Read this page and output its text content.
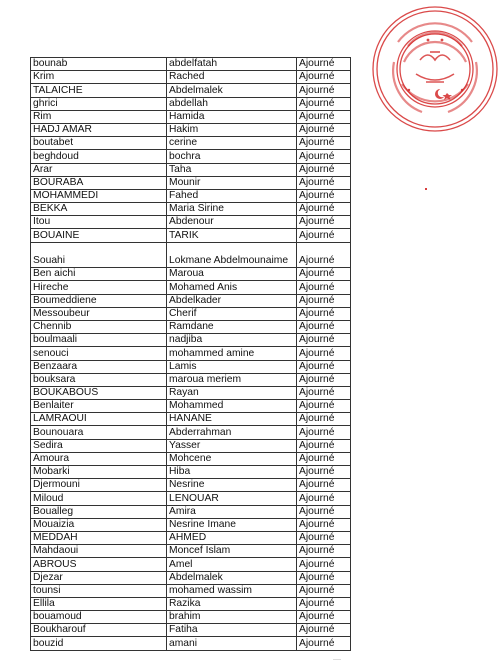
bounab	abdelfatah	Ajourné
Krim	Rached	Ajourné
TALAICHE	Abdelmalek	Ajourné
ghrici	abdellah	Ajourné
Rim	Hamida	Ajourné
HADJ AMAR	Hakim	Ajourné
boutabet	cerine	Ajourné
beghdoud	bochra	Ajourné
Arar	Taha	Ajourné
BOURABA	Mounir	Ajourné
MOHAMMEDI	Fahed	Ajourné
BEKKA	Maria Sirine	Ajourné
Itou	Abdenour	Ajourné
BOUAINE	TARIK	Ajourné
Souahi	Lokmane Abdelmounaime	Ajourné
Ben aichi	Maroua	Ajourné
Hireche	Mohamed Anis	Ajourné
Boumeddiene	Abdelkader	Ajourné
Messoubeur	Cherif	Ajourné
Chennib	Ramdane	Ajourné
boulmaali	nadjiba	Ajourné
senouci	mohammed amine	Ajourné
Benzaara	Lamis	Ajourné
bouksara	maroua meriem	Ajourné
BOUKABOUS	Rayan	Ajourné
Benlaiter	Mohammed	Ajourné
LAMRAOUI	HANANE	Ajourné
Bounouara	Abderrahman	Ajourné
Sedira	Yasser	Ajourné
Amoura	Mohcene	Ajourné
Mobarki	Hiba	Ajourné
Djermouni	Nesrine	Ajourné
Miloud	LENOUAR	Ajourné
Boualleg	Amira	Ajourné
Mouaizia	Nesrine Imane	Ajourné
MEDDAH	AHMED	Ajourné
Mahdaoui	Moncef Islam	Ajourné
ABROUS	Amel	Ajourné
Djezar	Abdelmalek	Ajourné
tounsi	mohamed wassim	Ajourné
Ellila	Razika	Ajourné
bouamoud	brahim	Ajourné
Boukharouf	Fatiha	Ajourné
bouzid	amani	Ajourné
